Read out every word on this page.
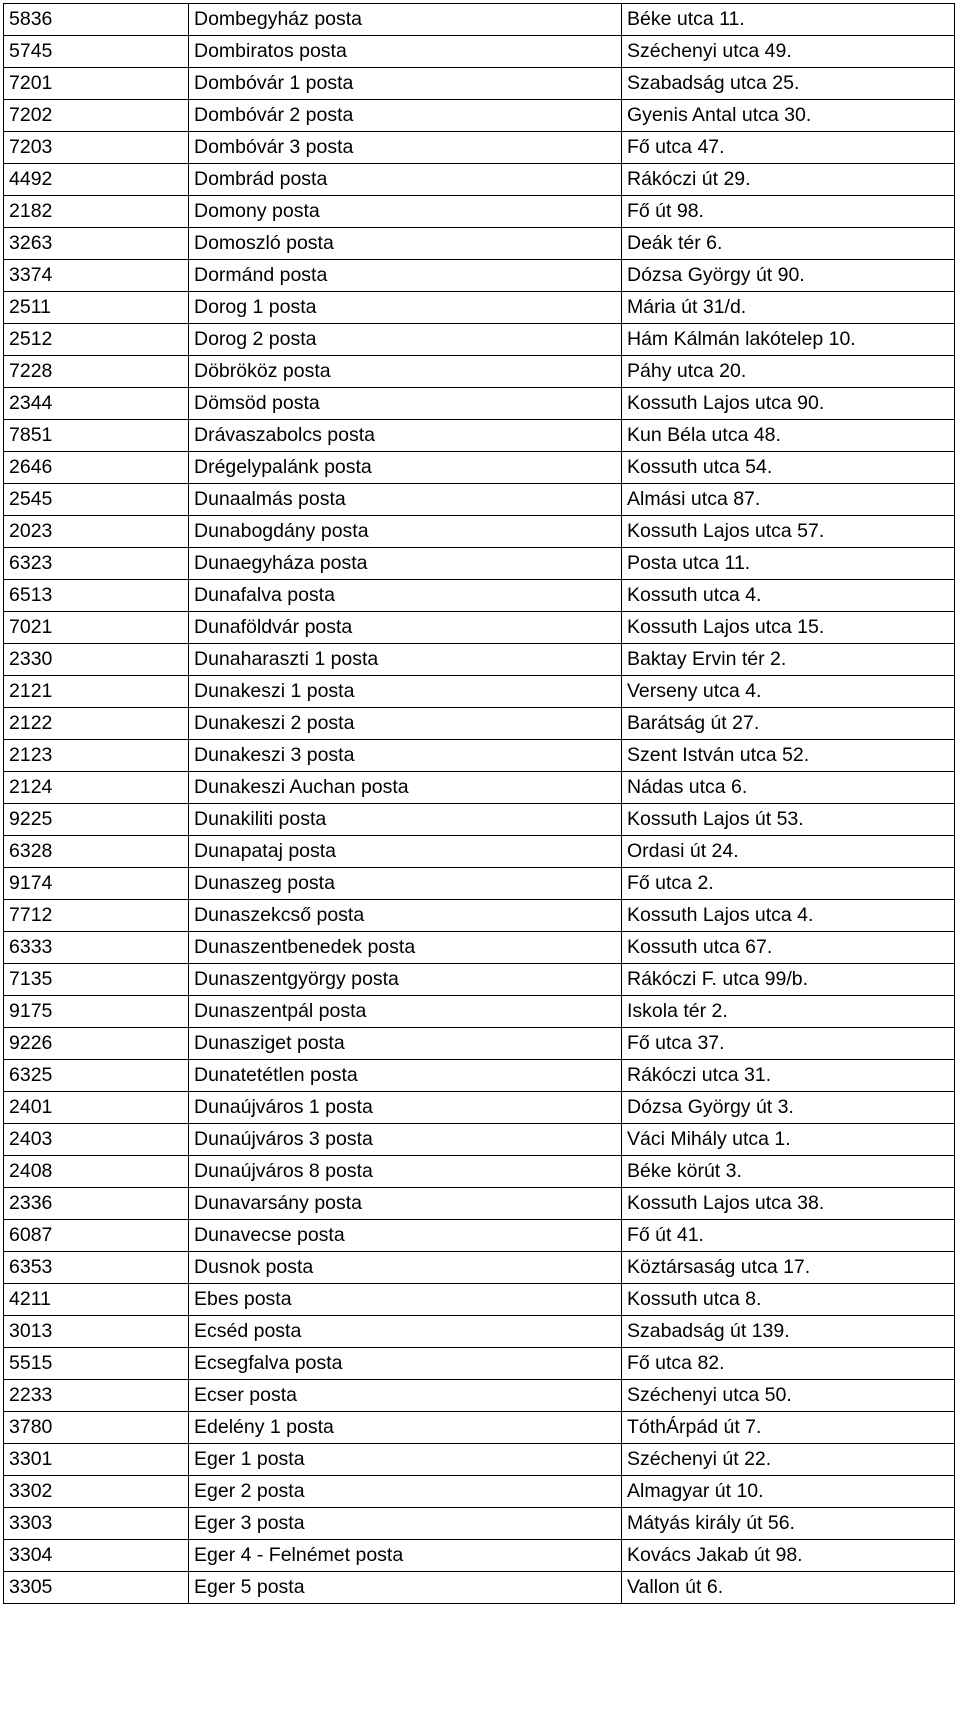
5836	Dombegyház posta	Béke utca 11.
5745	Dombiratos posta	Széchenyi utca 49.
7201	Dombóvár 1 posta	Szabadság utca 25.
7202	Dombóvár 2 posta	Gyenis Antal utca 30.
7203	Dombóvár 3 posta	Fő utca 47.
4492	Dombrád posta	Rákóczi út 29.
2182	Domony posta	Fő út 98.
3263	Domoszló posta	Deák tér 6.
3374	Dormánd posta	Dózsa György út 90.
2511	Dorog 1 posta	Mária út 31/d.
2512	Dorog 2 posta	Hám Kálmán lakótelep 10.
7228	Döbrököz posta	Páhy utca 20.
2344	Dömsöd posta	Kossuth Lajos utca 90.
7851	Drávaszabolcs posta	Kun Béla utca 48.
2646	Drégelypalánk posta	Kossuth utca 54.
2545	Dunaalmás posta	Almási utca 87.
2023	Dunabogdány posta	Kossuth Lajos utca 57.
6323	Dunaegyháza posta	Posta utca 11.
6513	Dunafalva posta	Kossuth utca 4.
7021	Dunaföldvár posta	Kossuth Lajos utca 15.
2330	Dunaharaszti 1 posta	Baktay Ervin tér 2.
2121	Dunakeszi 1 posta	Verseny utca 4.
2122	Dunakeszi 2 posta	Barátság út 27.
2123	Dunakeszi 3 posta	Szent István utca 52.
2124	Dunakeszi Auchan posta	Nádas utca 6.
9225	Dunakiliti posta	Kossuth Lajos út 53.
6328	Dunapataj posta	Ordasi út 24.
9174	Dunaszeg posta	Fő utca 2.
7712	Dunaszekcső posta	Kossuth Lajos utca 4.
6333	Dunaszentbenedek posta	Kossuth utca 67.
7135	Dunaszentgyörgy posta	Rákóczi F. utca 99/b.
9175	Dunaszentpál posta	Iskola tér 2.
9226	Dunasziget posta	Fő utca 37.
6325	Dunatetétlen posta	Rákóczi utca 31.
2401	Dunaújváros 1 posta	Dózsa György út 3.
2403	Dunaújváros 3 posta	Váci Mihály utca 1.
2408	Dunaújváros 8 posta	Béke körút 3.
2336	Dunavarsány posta	Kossuth Lajos utca 38.
6087	Dunavecse posta	Fő út 41.
6353	Dusnok posta	Köztársaság utca 17.
4211	Ebes posta	Kossuth utca 8.
3013	Ecséd posta	Szabadság út 139.
5515	Ecsegfalva posta	Fő utca 82.
2233	Ecser posta	Széchenyi utca 50.
3780	Edelény 1 posta	TóthÁrpád út 7.
3301	Eger 1 posta	Széchenyi út 22.
3302	Eger 2 posta	Almagyar út 10.
3303	Eger 3 posta	Mátyás király út 56.
3304	Eger 4 - Felnémet posta	Kovács Jakab út 98.
3305	Eger 5 posta	Vallon út 6.
